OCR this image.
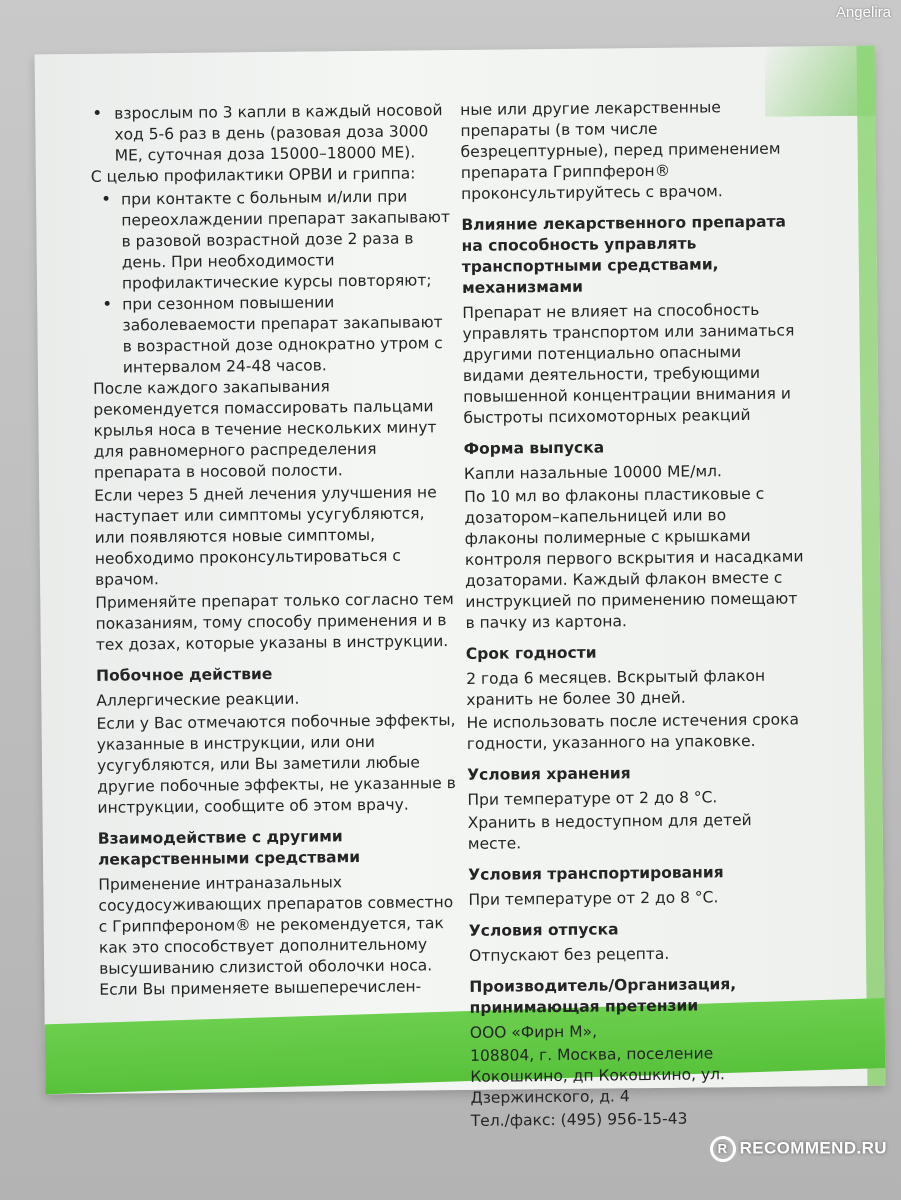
Angelira
• взрослым по 3 капли в каждый носовой ход 5-6 раз в день (разовая доза 3000 МЕ, суточная доза 15000–18000 МЕ).

С целью профилактики ОРВИ и гриппа:

• при контакте с больным и/или при переохлаждении препарат закапывают в разовой возрастной дозе 2 раза в день. При необходимости профилактические курсы повторяют;
• при сезонном повышении заболеваемости препарат закапывают в возрастной дозе однократно утром с интервалом 24-48 часов.

После каждого закапывания рекомендуется помассировать пальцами крылья носа в течение нескольких минут для равномерного распределения препарата в носовой полости.

Если через 5 дней лечения улучшения не наступает или симптомы усугубляются, или появляются новые симптомы, необходимо проконсультироваться с врачом.

Применяйте препарат только согласно тем показаниям, тому способу применения и в тех дозах, которые указаны в инструкции.

Побочное действие

Аллергические реакции.

Если у Вас отмечаются побочные эффекты, указанные в инструкции, или они усугубляются, или Вы заметили любые другие побочные эффекты, не указанные в инструкции, сообщите об этом врачу.

Взаимодействие с другими лекарственными средствами

Применение интраназальных сосудосуживающих препаратов совместно с Гриппфероном® не рекомендуется, так как это способствует дополнительному высушиванию слизистой оболочки носа. Если Вы применяете вышеперечислен-

ные или другие лекарственные препараты (в том числе безрецептурные), перед применением препарата Гриппферон® проконсультируйтесь с врачом.

Влияние лекарственного препарата на способность управлять транспортными средствами, механизмами

Препарат не влияет на способность управлять транспортом или заниматься другими потенциально опасными видами деятельности, требующими повышенной концентрации внимания и быстроты психомоторных реакций

Форма выпуска

Капли назальные 10000 МЕ/мл.

По 10 мл во флаконы пластиковые с дозатором–капельницей или во флаконы полимерные с крышками контроля первого вскрытия и насадками дозаторами. Каждый флакон вместе с инструкцией по применению помещают в пачку из картона.

Срок годности

2 года 6 месяцев. Вскрытый флакон хранить не более 30 дней.

Не использовать после истечения срока годности, указанного на упаковке.

Условия хранения

При температуре от 2 до 8 °С.

Хранить в недоступном для детей месте.

Условия транспортирования

При температуре от 2 до 8 °С.

Условия отпуска

Отпускают без рецепта.

Производитель/Организация, принимающая претензии

ООО «Фирн М»,

108804, г. Москва, поселение Кокошкино, дп Кокошкино, ул. Дзержинского, д. 4

Тел./факс: (495) 956-15-43

R RECOMMEND.RU
